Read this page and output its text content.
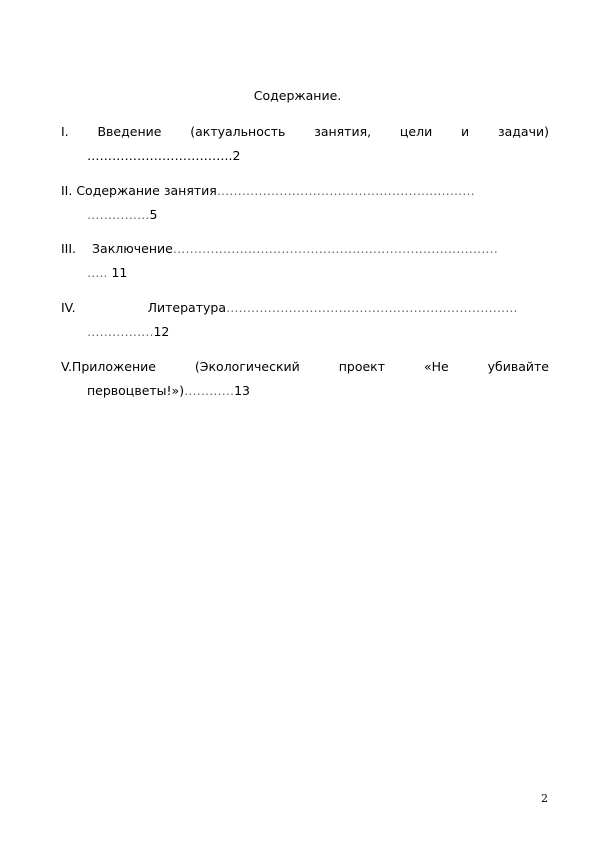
Содержание.
I. Введение (актуальность занятия, цели и задачи)
……………………………..2
II. Содержание занятия……………………………………………..………
……………5
III. Заключение……………………………………………………………………
….. 11
IV.	Литература…………………………………………………………….
…………….12
V.Приложение	(Экологический	проект	«Не	убивайте
первоцветы!»)…………13
2
